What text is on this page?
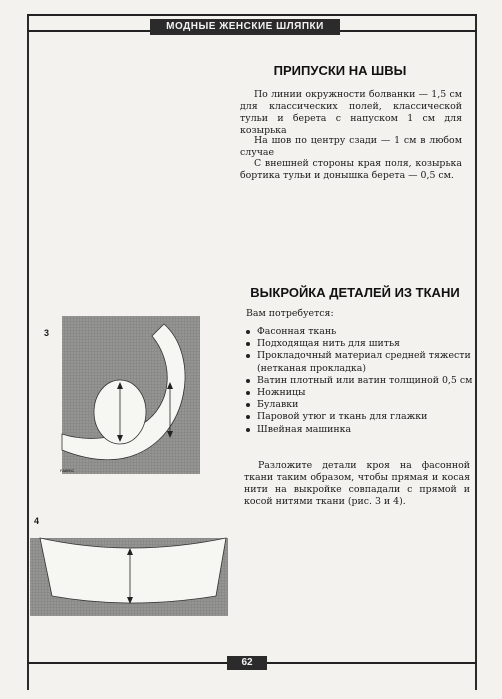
МОДНЫЕ ЖЕНСКИЕ ШЛЯПКИ
ПРИПУСКИ НА ШВЫ

По линии окружности болванки — 1,5 см для классических полей, классической тульи и берета с напуском 1 см для козырька

На шов по центру сзади — 1 см в любом случае

С внешней стороны края поля, козырька бортика тульи и донышка берета — 0,5 см.

ВЫКРОЙКА ДЕТАЛЕЙ ИЗ ТКАНИ
Вам потребуется:
Фасонная ткань
Подходящая нить для шитья
Прокладочный материал средней тяжести (нетканая прокладка)
Ватин плотный или ватин толщиной 0,5 см
Ножницы
Булавки
Паровой утюг и ткань для глажки
Швейная машинка

Разложите детали кроя на фасонной ткани таким образом, чтобы прямая и косая нити на выкройке совпадали с прямой и косой нитями ткани (рис. 3 и 4).

3
FABRIC
4
62
